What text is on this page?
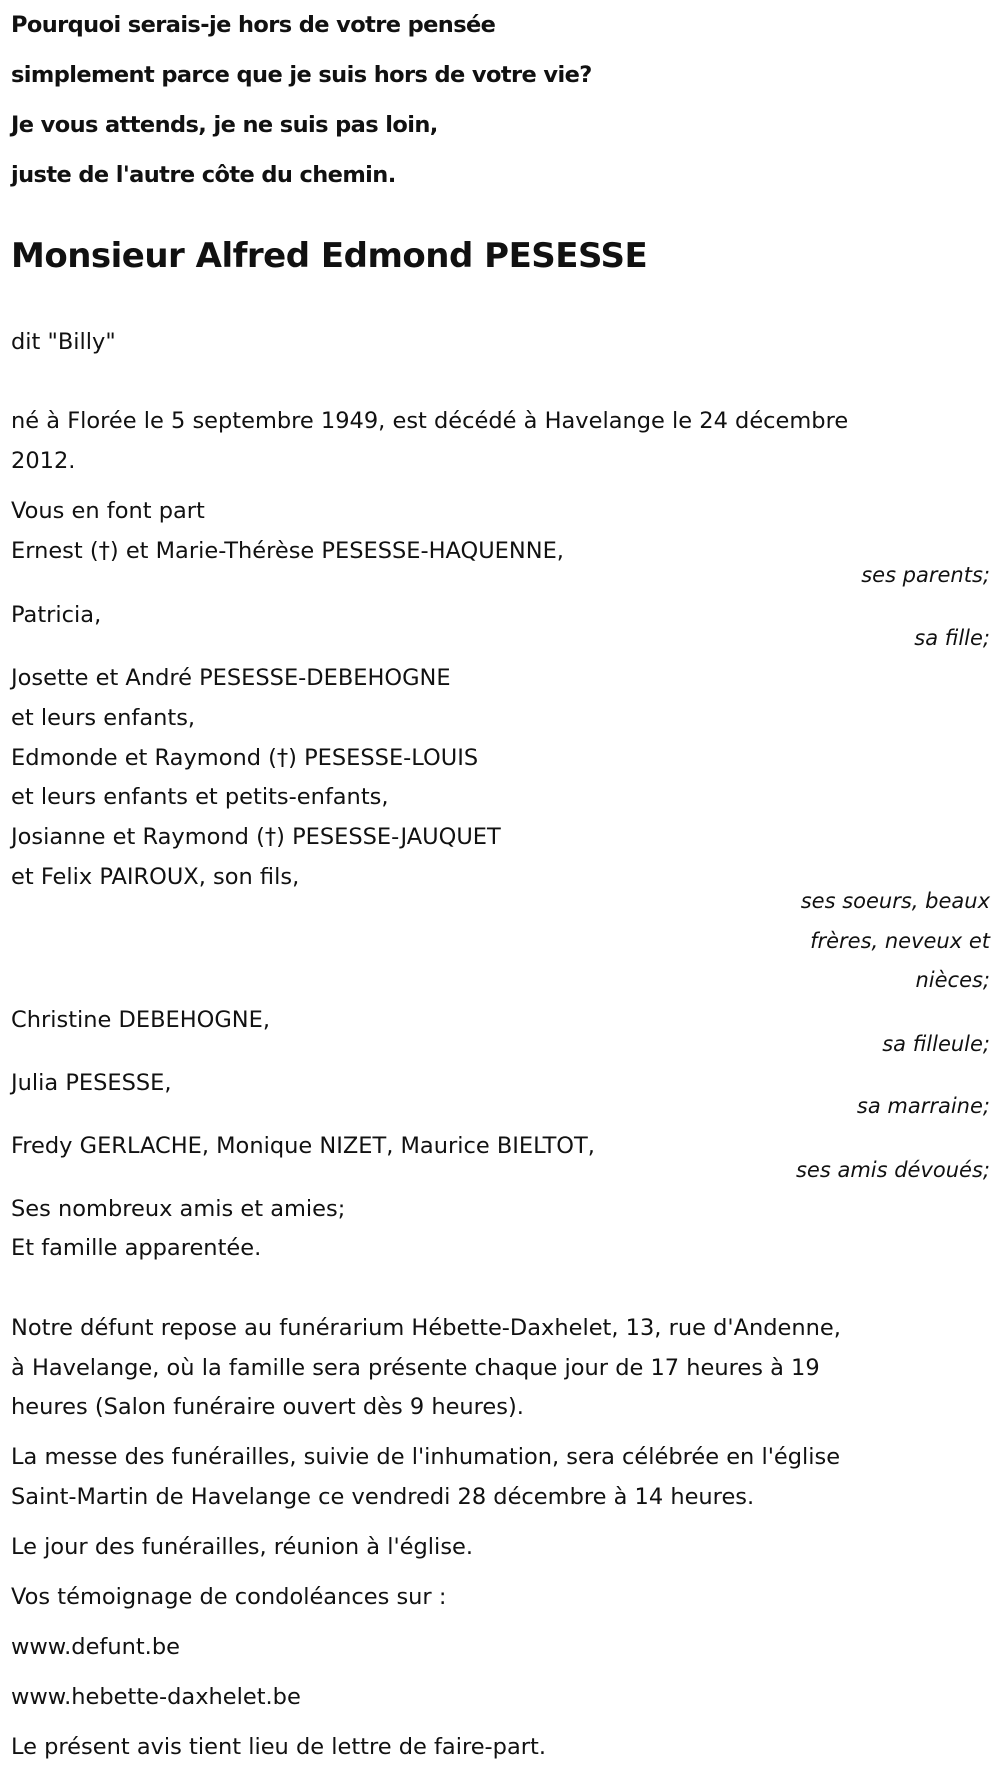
Pourquoi serais-je hors de votre pensée
simplement parce que je suis hors de votre vie?
Je vous attends, je ne suis pas loin,
juste de l'autre côte du chemin.
Monsieur Alfred Edmond PESESSE
dit "Billy"
né à Florée le 5 septembre 1949, est décédé à Havelange le 24 décembre
2012.
Vous en font part
Ernest (†) et Marie-Thérèse PESESSE-HAQUENNE,
ses parents;
Patricia,
sa fille;
Josette et André PESESSE-DEBEHOGNE
et leurs enfants,
Edmonde et Raymond (†) PESESSE-LOUIS
et leurs enfants et petits-enfants,
Josianne et Raymond (†) PESESSE-JAUQUET
et Felix PAIROUX, son fils,
ses soeurs, beaux
frères, neveux et
nièces;
Christine DEBEHOGNE,
sa filleule;
Julia PESESSE,
sa marraine;
Fredy GERLACHE, Monique NIZET, Maurice BIELTOT,
ses amis dévoués;
Ses nombreux amis et amies;
Et famille apparentée.
Notre défunt repose au funérarium Hébette-Daxhelet, 13, rue d'Andenne,
à Havelange, où la famille sera présente chaque jour de 17 heures à 19
heures (Salon funéraire ouvert dès 9 heures).
La messe des funérailles, suivie de l'inhumation, sera célébrée en l'église
Saint-Martin de Havelange ce vendredi 28 décembre à 14 heures.
Le jour des funérailles, réunion à l'église.
Vos témoignage de condoléances sur :
www.defunt.be
www.hebette-daxhelet.be
Le présent avis tient lieu de lettre de faire-part.
